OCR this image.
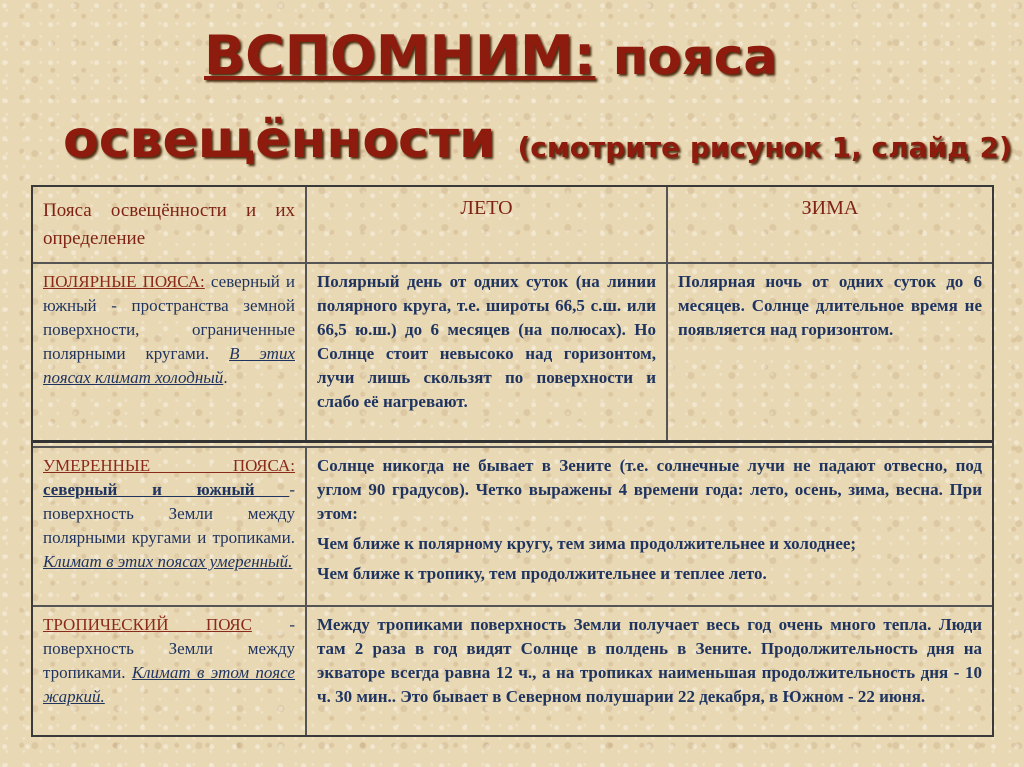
ВСПОМНИМ: пояса
освещённости (смотрите рисунок 1, слайд 2)
Пояса освещённости и их определение
ЛЕТО	ЗИМА
ПОЛЯРНЫЕ ПОЯСА: северный и южный - пространства земной поверхности, ограниченные полярными кругами. В этих поясах климат холодный.
Полярный день от одних суток (на линии полярного круга, т.е. широты 66,5 с.ш. или 66,5 ю.ш.) до 6 месяцев (на полюсах). Но Солнце стоит невысоко над горизонтом, лучи лишь скользят по поверхности и слабо её нагревают.
Полярная ночь от одних суток до 6 месяцев. Солнце длительное время не появляется над горизонтом.
УМЕРЕННЫЕ ПОЯСА: северный и южный - поверхность Земли между полярными кругами и тропиками. Климат в этих поясах умеренный.

Солнце никогда не бывает в Зените (т.е. солнечные лучи не падают отвесно, под углом 90 градусов). Четко выражены 4 времени года: лето, осень, зима, весна. При этом:

Чем ближе к полярному кругу, тем зима продолжительнее и холоднее;

Чем ближе к тропику, тем продолжительнее и теплее лето.

ТРОПИЧЕСКИЙ ПОЯС - поверхность Земли между тропиками. Климат в этом поясе жаркий.
Между тропиками поверхность Земли получает весь год очень много тепла. Люди там 2 раза в год видят Солнце в полдень в Зените. Продолжительность дня на экваторе всегда равна 12 ч., а на тропиках наименьшая продолжительность дня - 10 ч. 30 мин.. Это бывает в Северном полушарии 22 декабря, в Южном - 22 июня.
